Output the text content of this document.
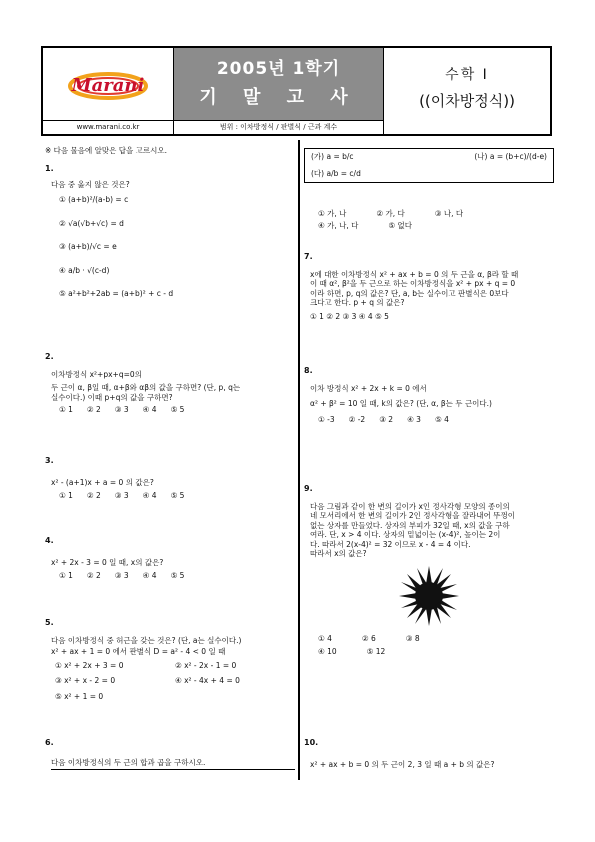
Marani
2005년 1학기
기 말 고 사
수학 I
((이차방정식))
www.marani.co.kr	범위 : 이차방정식 / 판별식 / 근과 계수
※ 다음 물음에 알맞은 답을 고르시오.
1.
다음 중 옳지 않은 것은?
① (a+b)²/(a-b) = c
② √a(√b+√c) = d
③ (a+b)/√c = e
④ a/b · √(c-d)
⑤ a²+b²+2ab = (a+b)² + c - d
2.
이차방정식 x²+px+q=0의
두 근이 α, β일 때, α+β와 αβ의 값을 구하면? (단, p, q는
실수이다.) 이때 p+q의 값을 구하면?
① 1 ② 2 ③ 3 ④ 4 ⑤ 5
3.
x² - (a+1)x + a = 0 의 값은?
① 1 ② 2 ③ 3 ④ 4 ⑤ 5
4.
x² + 2x - 3 = 0 일 때, x의 값은?
① 1 ② 2 ③ 3 ④ 4 ⑤ 5
5.
다음 이차방정식 중 허근을 갖는 것은? (단, a는 실수이다.)
x² + ax + 1 = 0 에서 판별식 D = a² - 4 < 0 일 때
① x² + 2x + 3 = 0	② x² - 2x - 1 = 0
③ x² + x - 2 = 0	④ x² - 4x + 4 = 0
⑤ x² + 1 = 0
6.
다음 이차방정식의 두 근의 합과 곱을 구하시오.
(가) a = b/c	(나) a = (b+c)/(d-e)
(다) a/b = c/d
① 가, 나	② 가, 다	③ 나, 다
④ 가, 나, 다	⑤ 없다
7.
x에 대한 이차방정식 x² + ax + b = 0 의 두 근을 α, β라 할 때
이 때 α², β²을 두 근으로 하는 이차방정식을 x² + px + q = 0
이라 하면, p, q의 값은? 단, a, b는 실수이고 판별식은 0보다
크다고 한다. p + q 의 값은?
① 1 ② 2 ③ 3 ④ 4 ⑤ 5
8.
이차 방정식 x² + 2x + k = 0 에서
α² + β² = 10 일 때, k의 값은? (단, α, β는 두 근이다.)
① -3 ② -2 ③ 2 ④ 3 ⑤ 4
9.
다음 그림과 같이 한 변의 길이가 x인 정사각형 모양의 종이의
네 모서리에서 한 변의 길이가 2인 정사각형을 잘라내어 뚜껑이
없는 상자를 만들었다. 상자의 부피가 32일 때, x의 값을 구하
여라. 단, x > 4 이다. 상자의 밑넓이는 (x-4)², 높이는 2이
다. 따라서 2(x-4)² = 32 이므로 x - 4 = 4 이다.
따라서 x의 값은?
① 4	② 6	③ 8
④ 10	⑤ 12
10.
x² + ax + b = 0 의 두 근이 2, 3 일 때 a + b 의 값은?
